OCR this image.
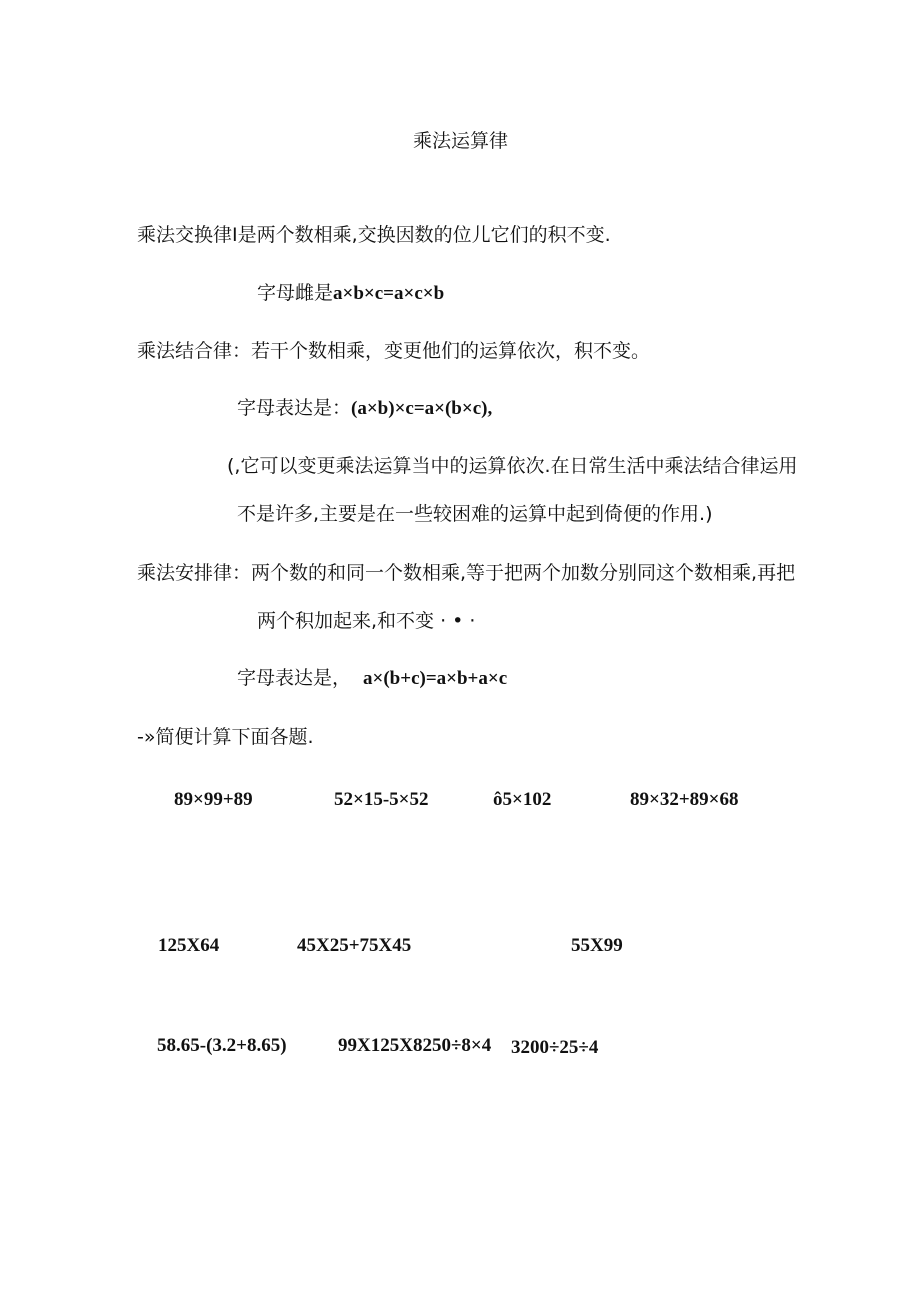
乘法运算律
乘法交换律I是两个数相乘,交换因数的位儿它们的积不变.
字母雌是a×b×c=a×c×b
乘法结合律：若干个数相乘，变更他们的运算依次，积不变。
字母表达是：(a×b)×c=a×(b×c),
(,它可以变更乘法运算当中的运算依次.在日常生活中乘法结合律运用
不是许多,主要是在一些较困难的运算中起到倚便的作用.)
乘法安排律：两个数的和同一个数相乘,等于把两个加数分别同这个数相乘,再把
两个积加起来,和不变 · • ·
字母表达是， a×(b+c)=a×b+a×c
-»简便计算下面各题.
89×99+89	52×15-5×52	ô5×102	89×32+89×68
125X64	45X25+75X45	55X99
58.65-(3.2+8.65)	99X125X8250÷8×4 3200÷25÷4
